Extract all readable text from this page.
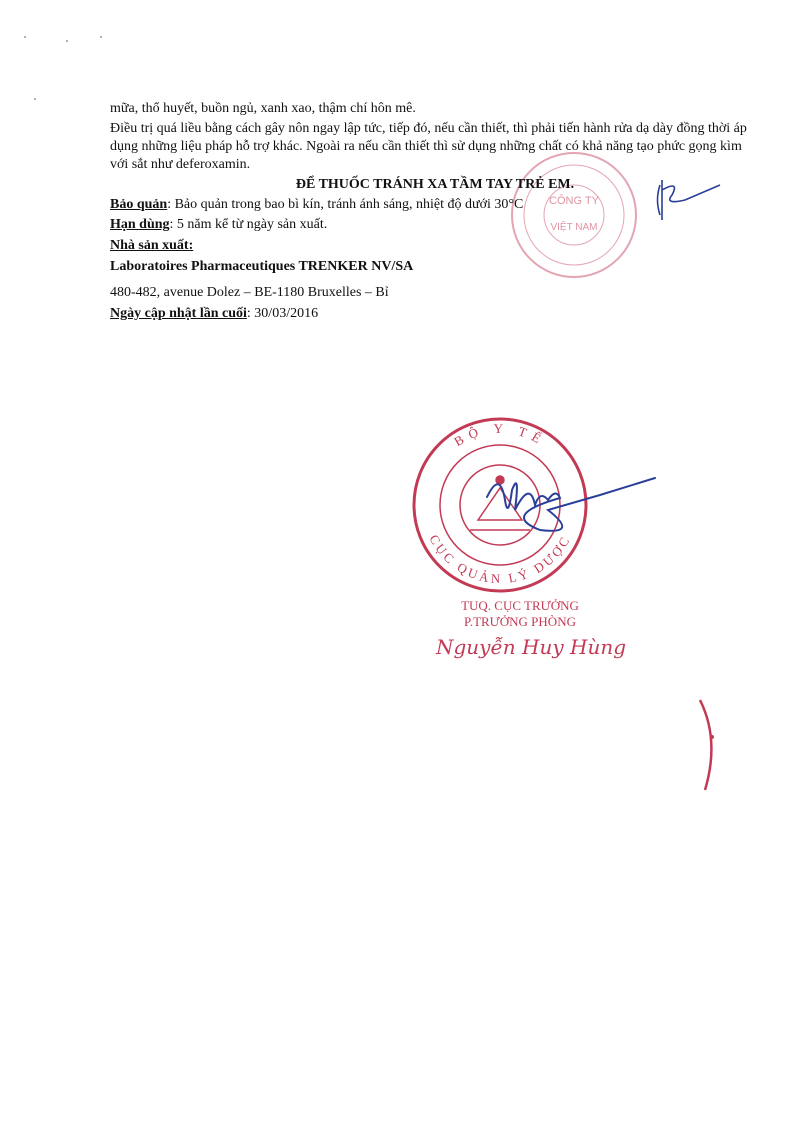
CÔNG TY
VIỆT NAM
mữa, thổ huyết, buồn ngủ, xanh xao, thậm chí hôn mê.
Điều trị quá liều bằng cách gây nôn ngay lập tức, tiếp đó, nếu cần thiết, thì phải tiến hành rửa dạ dày đồng thời áp dụng những liệu pháp hỗ trợ khác. Ngoài ra nếu cần thiết thì sử dụng những chất có khả năng tạo phức gọng kìm với sắt như deferoxamin.
ĐỂ THUỐC TRÁNH XA TẦM TAY TRẺ EM.
Bảo quản: Bảo quản trong bao bì kín, tránh ánh sáng, nhiệt độ dưới 30°C
Hạn dùng: 5 năm kể từ ngày sản xuất.
Nhà sản xuất:
Laboratoires Pharmaceutiques TRENKER NV/SA
480-482, avenue Dolez – BE-1180 Bruxelles – Bỉ
Ngày cập nhật lần cuối: 30/03/2016
BỘ Y TẾ
CỤC QUẢN LÝ DƯỢC
TUQ. CỤC TRƯỞNG
P.TRƯỞNG PHÒNG
Nguyễn Huy Hùng
